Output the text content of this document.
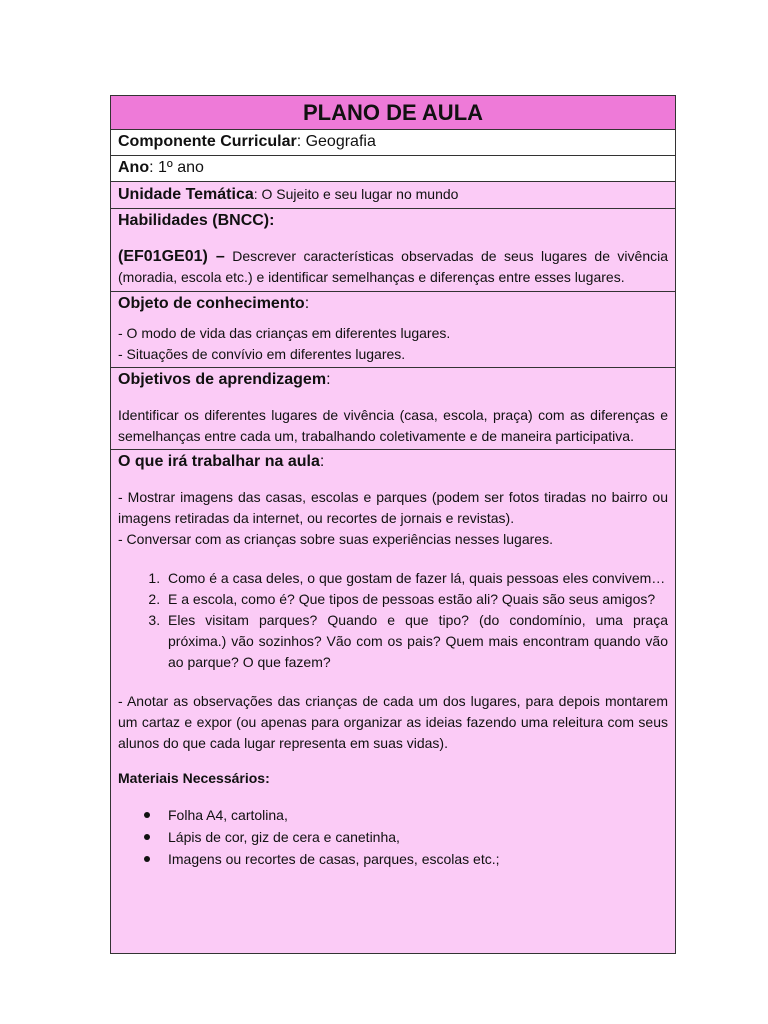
PLANO DE AULA
Componente Curricular: Geografia
Ano: 1º ano
Unidade Temática: O Sujeito e seu lugar no mundo
Habilidades (BNCC):
(EF01GE01) – Descrever características observadas de seus lugares de vivência (moradia, escola etc.) e identificar semelhanças e diferenças entre esses lugares.
Objeto de conhecimento:
- O modo de vida das crianças em diferentes lugares.
- Situações de convívio em diferentes lugares.
Objetivos de aprendizagem:
Identificar os diferentes lugares de vivência (casa, escola, praça) com as diferenças e semelhanças entre cada um, trabalhando coletivamente e de maneira participativa.
O que irá trabalhar na aula:
- Mostrar imagens das casas, escolas e parques (podem ser fotos tiradas no bairro ou imagens retiradas da internet, ou recortes de jornais e revistas).
- Conversar com as crianças sobre suas experiências nesses lugares.
1. Como é a casa deles, o que gostam de fazer lá, quais pessoas eles convivem…
2. E a escola, como é? Que tipos de pessoas estão ali? Quais são seus amigos?
3. Eles visitam parques? Quando e que tipo? (do condomínio, uma praça próxima.) vão sozinhos? Vão com os pais? Quem mais encontram quando vão ao parque? O que fazem?
- Anotar as observações das crianças de cada um dos lugares, para depois montarem um cartaz e expor (ou apenas para organizar as ideias fazendo uma releitura com seus alunos do que cada lugar representa em suas vidas).
Materiais Necessários:
Folha A4, cartolina,
Lápis de cor, giz de cera e canetinha,
Imagens ou recortes de casas, parques, escolas etc.;
